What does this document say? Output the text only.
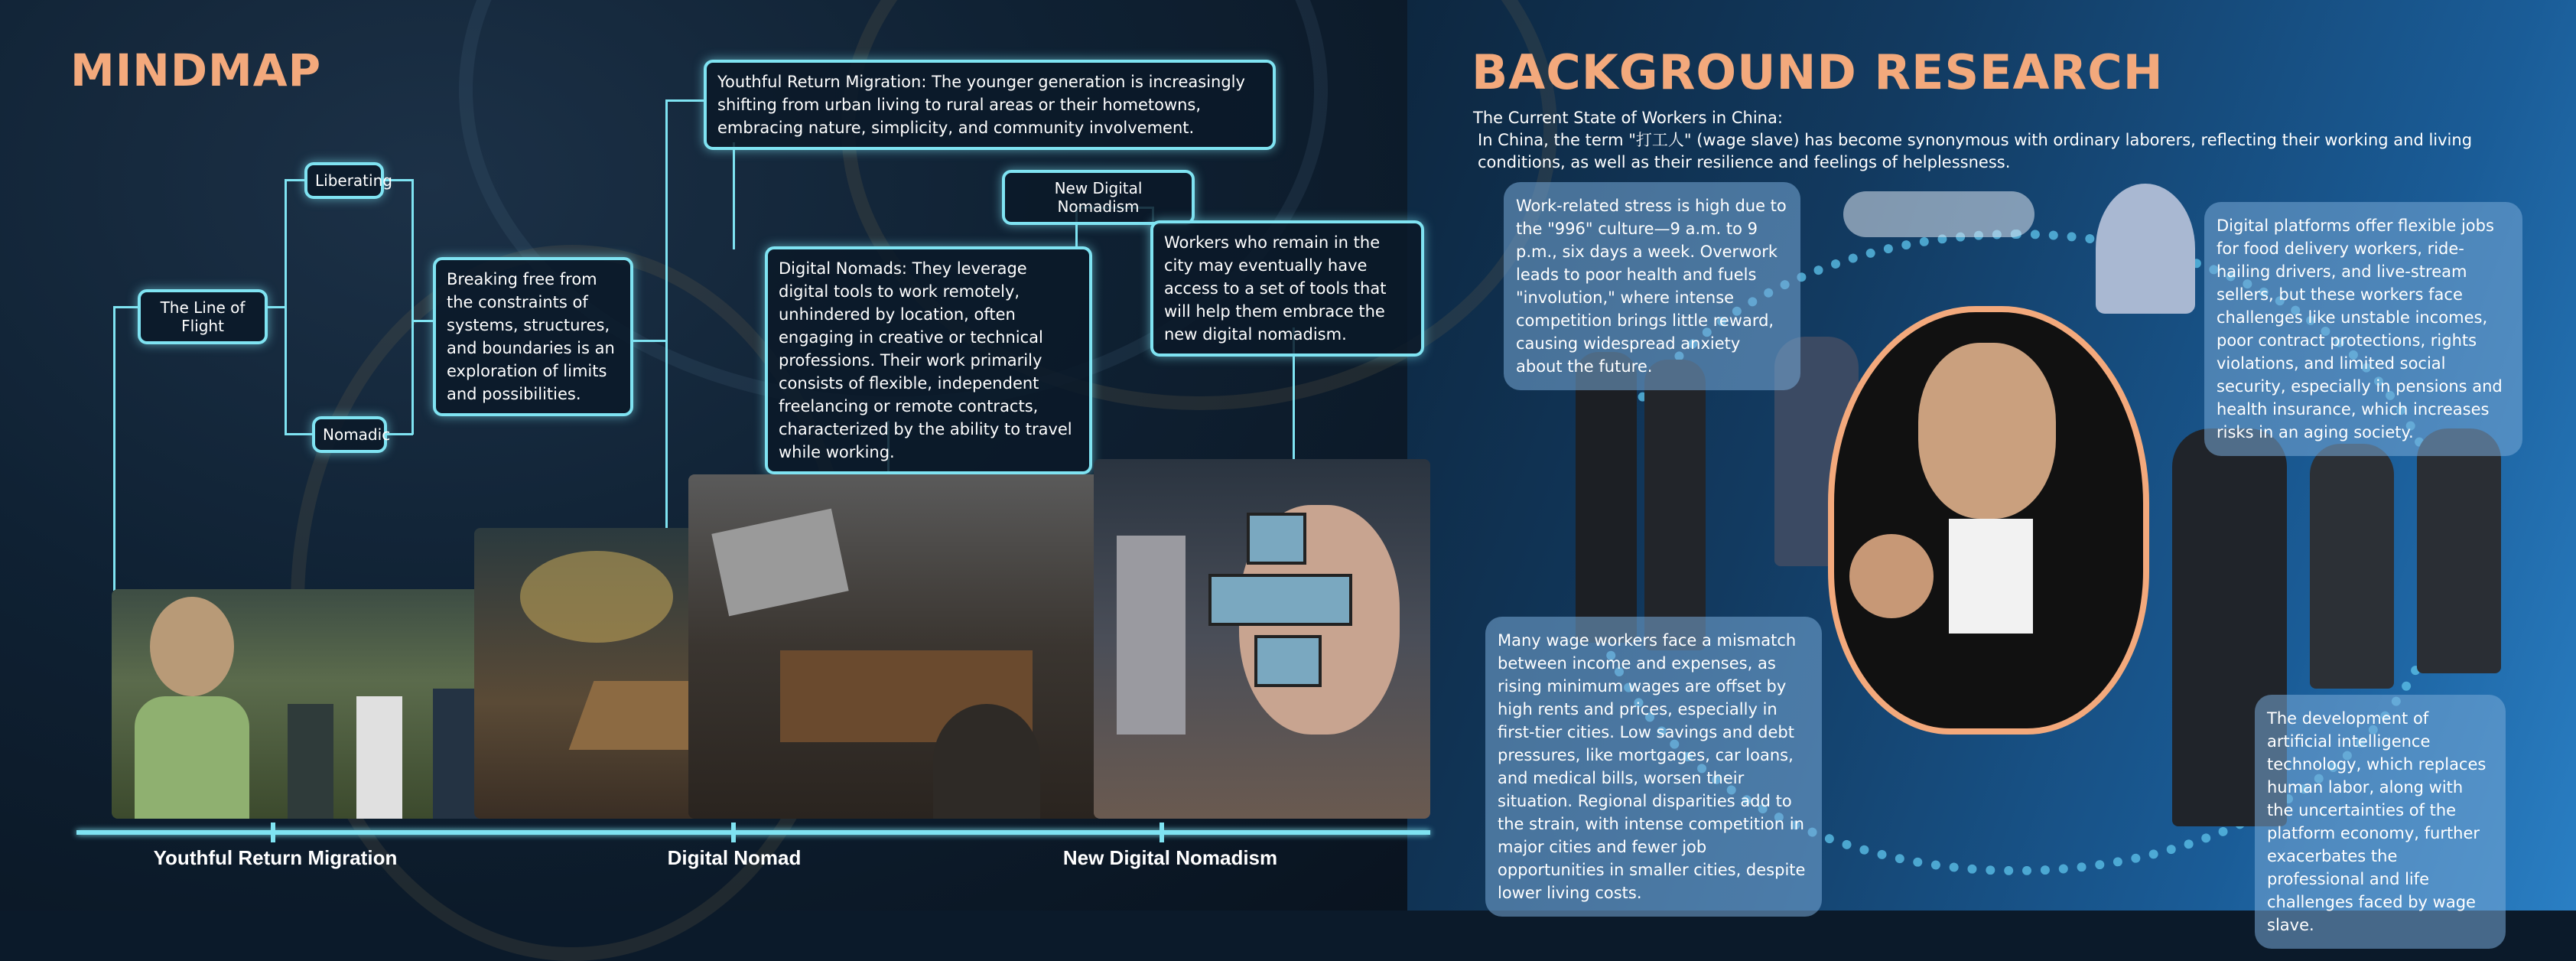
MINDMAP
The Line of Flight
Liberating
Nomadic
Breaking free from the constraints of systems, structures, and boundaries is an exploration of limits and possibilities.
Youthful Return Migration: The younger generation is increasingly shifting from urban living to rural areas or their hometowns, embracing nature, simplicity, and community involvement.
Digital Nomads: They leverage digital tools to work remotely, unhindered by location, often engaging in creative or technical professions. Their work primarily consists of flexible, independent freelancing or remote contracts, characterized by the ability to travel while working.
New Digital Nomadism
Workers who remain in the city may eventually have access to a set of tools that will help them embrace the new digital nomadism.
Youthful Return Migration	Digital Nomad	New Digital Nomadism
BACKGROUND RESEARCH
The Current State of Workers in China:
In China, the term "打工人" (wage slave) has become synonymous with ordinary laborers, reflecting their working and living conditions, as well as their resilience and feelings of helplessness.
Work-related stress is high due to the "996" culture—9 a.m. to 9 p.m., six days a week. Overwork leads to poor health and fuels "involution," where intense competition brings little reward, causing widespread anxiety about the future.
Digital platforms offer flexible jobs for food delivery workers, ride-hailing drivers, and live-stream sellers, but these workers face challenges like unstable incomes, poor contract protections, rights violations, and limited social security, especially in pensions and health insurance, which increases risks in an aging society.
Many wage workers face a mismatch between income and expenses, as rising minimum wages are offset by high rents and prices, especially in first-tier cities. Low savings and debt pressures, like mortgages, car loans, and medical bills, worsen their situation. Regional disparities add to the strain, with intense competition in major cities and fewer job opportunities in smaller cities, despite lower living costs.
The development of artificial intelligence technology, which replaces human labor, along with the uncertainties of the platform economy, further exacerbates the professional and life challenges faced by wage slave.
